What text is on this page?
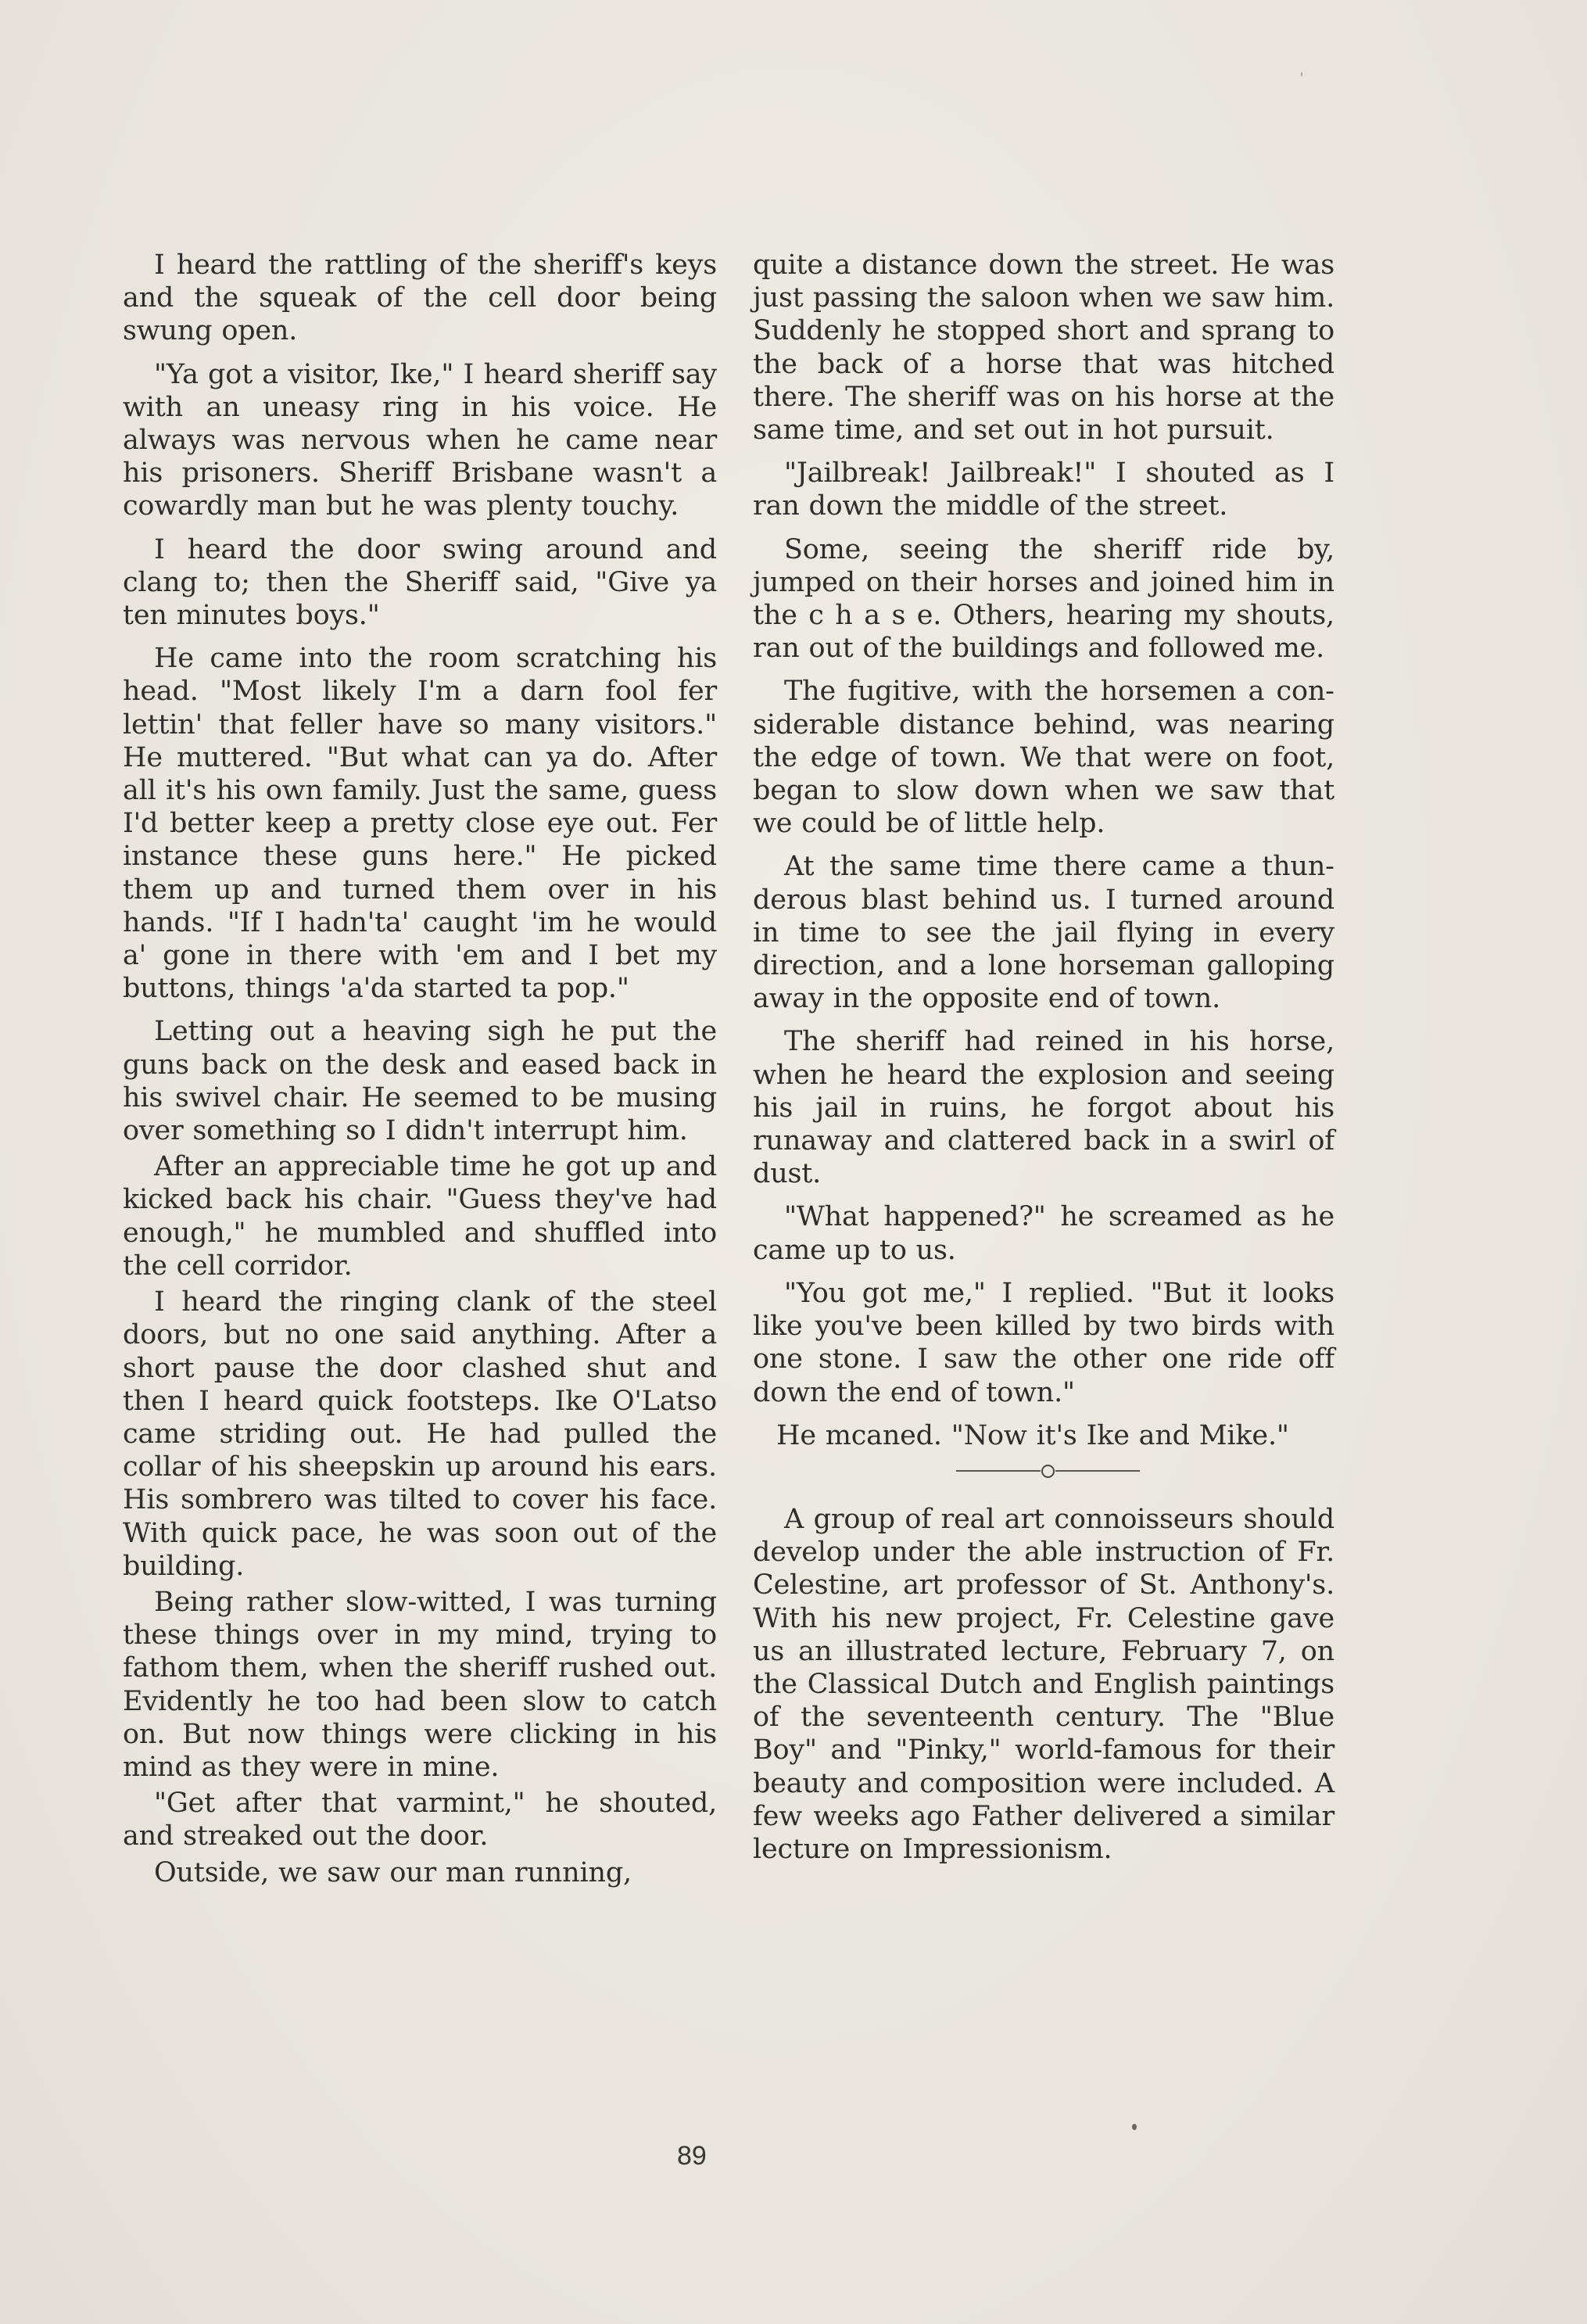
I heard the rattling of the sheriff's keys and the squeak of the cell door being swung open.

"Ya got a visitor, Ike," I heard sheriff say with an uneasy ring in his voice. He always was nervous when he came near his prisoners. Sheriff Brisbane wasn't a cowardly man but he was plenty touchy.

I heard the door swing around and clang to; then the Sheriff said, "Give ya ten minutes boys."

He came into the room scratching his head. "Most likely I'm a darn fool fer lettin' that feller have so many visitors." He muttered. "But what can ya do. After all it's his own family. Just the same, guess I'd better keep a pretty close eye out. Fer instance these guns here." He picked them up and turned them over in his hands. "If I hadn'ta' caught 'im he would a' gone in there with 'em and I bet my buttons, things 'a'da started ta pop."

Letting out a heaving sigh he put the guns back on the desk and eased back in his swivel chair. He seemed to be musing over something so I didn't interrupt him.

After an appreciable time he got up and kicked back his chair. "Guess they've had enough," he mumbled and shuffled into the cell corridor.

I heard the ringing clank of the steel doors, but no one said anything. After a short pause the door clashed shut and then I heard quick footsteps. Ike O'Latso came striding out. He had pulled the collar of his sheepskin up around his ears. His sombrero was tilted to cover his face. With quick pace, he was soon out of the building.

Being rather slow-witted, I was turning these things over in my mind, trying to fathom them, when the sheriff rushed out. Evidently he too had been slow to catch on. But now things were clicking in his mind as they were in mine.

"Get after that varmint," he shouted, and streaked out the door.

Outside, we saw our man running,

quite a distance down the street. He was just passing the saloon when we saw him. Suddenly he stopped short and sprang to the back of a horse that was hitched there. The sheriff was on his horse at the same time, and set out in hot pursuit.

"Jailbreak! Jailbreak!" I shouted as I ran down the middle of the street.

Some, seeing the sheriff ride by, jumped on their horses and joined him in the c h a s e. Others, hearing my shouts, ran out of the buildings and followed me.

The fugitive, with the horsemen a considerable distance behind, was nearing the edge of town. We that were on foot, began to slow down when we saw that we could be of little help.

At the same time there came a thunderous blast behind us. I turned around in time to see the jail flying in every direction, and a lone horseman galloping away in the opposite end of town.

The sheriff had reined in his horse, when he heard the explosion and seeing his jail in ruins, he forgot about his runaway and clattered back in a swirl of dust.

"What happened?" he screamed as he came up to us.

"You got me," I replied. "But it looks like you've been killed by two birds with one stone. I saw the other one ride off down the end of town."

He mcaned. "Now it's Ike and Mike."

A group of real art connoisseurs should develop under the able instruction of Fr. Celestine, art professor of St. Anthony's. With his new project, Fr. Celestine gave us an illustrated lecture, February 7, on the Classical Dutch and English paintings of the seventeenth century. The "Blue Boy" and "Pinky," world-famous for their beauty and composition were included. A few weeks ago Father delivered a similar lecture on Impressionism.

89
